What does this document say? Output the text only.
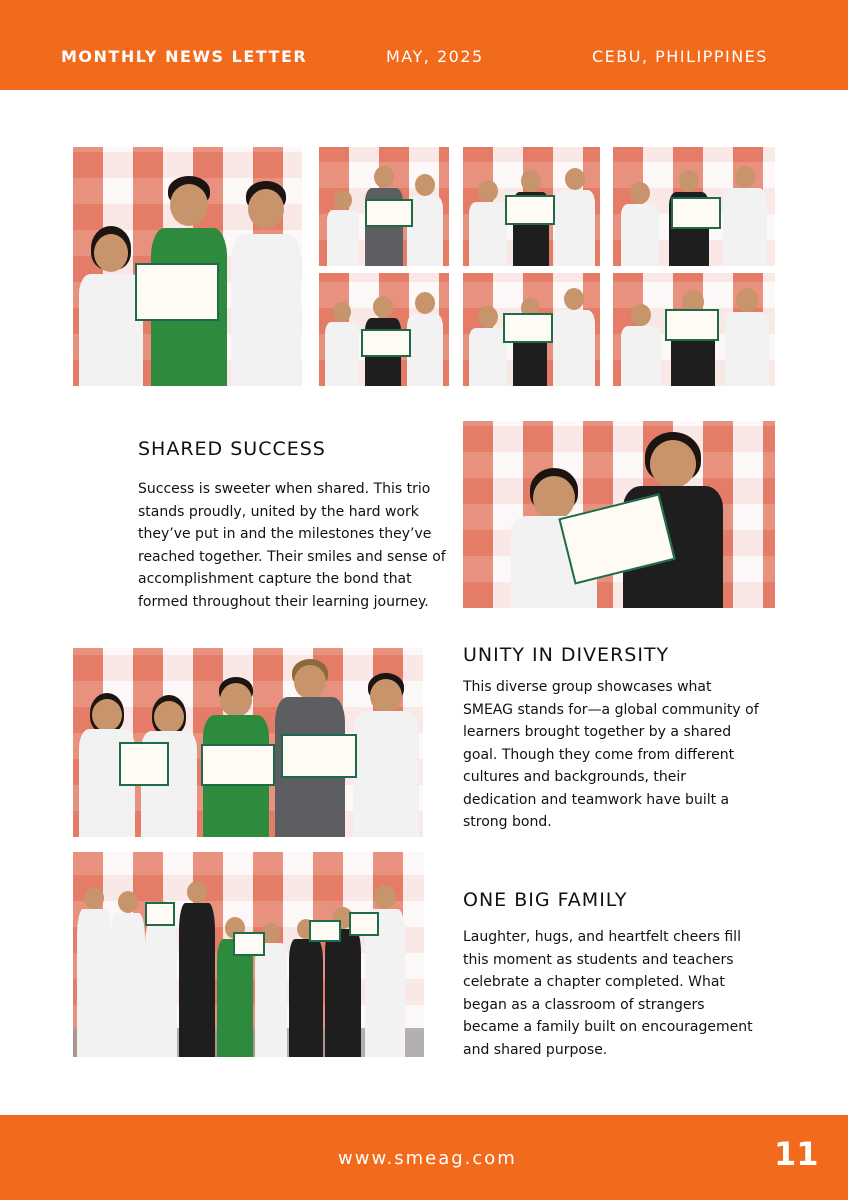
MONTHLY NEWS LETTER	MAY, 2025	CEBU, PHILIPPINES
SHARED SUCCESS
Success is sweeter when shared. This trio
stands proudly, united by the hard work
they’ve put in and the milestones they’ve
reached together. Their smiles and sense of
accomplishment capture the bond that
formed throughout their learning journey.
UNITY IN DIVERSITY
This diverse group showcases what
SMEAG stands for—a global community of
learners brought together by a shared
goal. Though they come from different
cultures and backgrounds, their
dedication and teamwork have built a
strong bond.
ONE BIG FAMILY
Laughter, hugs, and heartfelt cheers fill
this moment as students and teachers
celebrate a chapter completed. What
began as a classroom of strangers
became a family built on encouragement
and shared purpose.
www.smeag.com	11
